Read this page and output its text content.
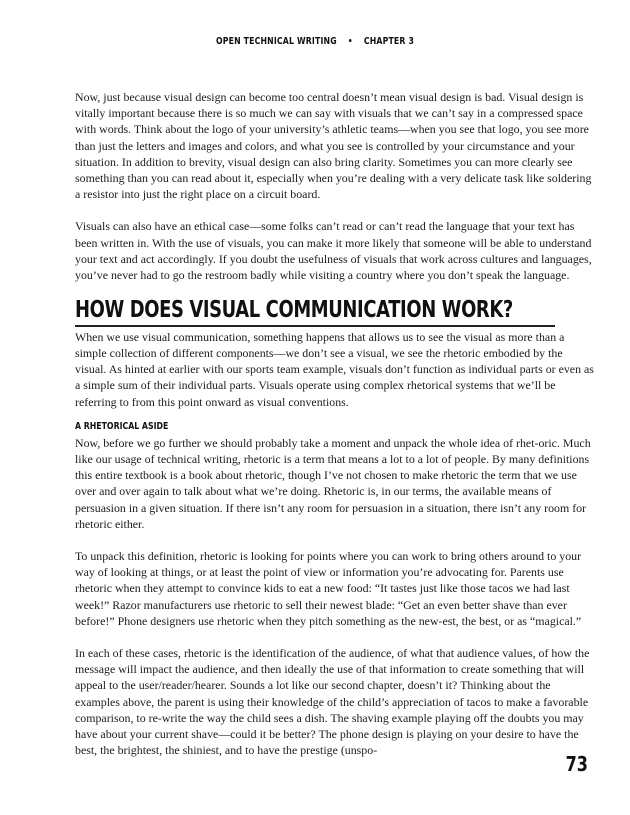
OPEN TECHNICAL WRITING • CHAPTER 3

Now, just because visual design can become too central doesn’t mean visual design is bad. Visual design is vitally important because there is so much we can say with visuals that we can’t say in a compressed space with words. Think about the logo of your university’s athletic teams—when you see that logo, you see more than just the letters and images and colors, and what you see is controlled by your circumstance and your situation. In addition to brevity, visual design can also bring clarity. Sometimes you can more clearly see something than you can read about it, especially when you’re dealing with a very delicate task like soldering a resistor into just the right place on a circuit board.

Visuals can also have an ethical case—some folks can’t read or can’t read the language that your text has been written in. With the use of visuals, you can make it more likely that someone will be able to understand your text and act accordingly. If you doubt the usefulness of visuals that work across cultures and languages, you’ve never had to go the restroom badly while visiting a country where you don’t speak the language.

HOW DOES VISUAL COMMUNICATION WORK?

When we use visual communication, something happens that allows us to see the visual as more than a simple collection of different components—we don’t see a visual, we see the rhetoric embodied by the visual. As hinted at earlier with our sports team example, visuals don’t function as individual parts or even as a simple sum of their individual parts. Visuals operate using complex rhetorical systems that we’ll be referring to from this point onward as visual conventions.

A RHETORICAL ASIDE

Now, before we go further we should probably take a moment and unpack the whole idea of rhet-oric. Much like our usage of technical writing, rhetoric is a term that means a lot to a lot of people. By many definitions this entire textbook is a book about rhetoric, though I’ve not chosen to make rhetoric the term that we use over and over again to talk about what we’re doing. Rhetoric is, in our terms, the available means of persuasion in a given situation. If there isn’t any room for persuasion in a situation, there isn’t any room for rhetoric either.

To unpack this definition, rhetoric is looking for points where you can work to bring others around to your way of looking at things, or at least the point of view or information you’re advocating for. Parents use rhetoric when they attempt to convince kids to eat a new food: “It tastes just like those tacos we had last week!” Razor manufacturers use rhetoric to sell their newest blade: “Get an even better shave than ever before!” Phone designers use rhetoric when they pitch something as the new-est, the best, or as “magical.”

In each of these cases, rhetoric is the identification of the audience, of what that audience values, of how the message will impact the audience, and then ideally the use of that information to create something that will appeal to the user/reader/hearer. Sounds a lot like our second chapter, doesn’t it? Thinking about the examples above, the parent is using their knowledge of the child’s appreciation of tacos to make a favorable comparison, to re-write the way the child sees a dish. The shaving example playing off the doubts you may have about your current shave—could it be better? The phone design is playing on your desire to have the best, the brightest, the shiniest, and to have the prestige (unspo-

73
